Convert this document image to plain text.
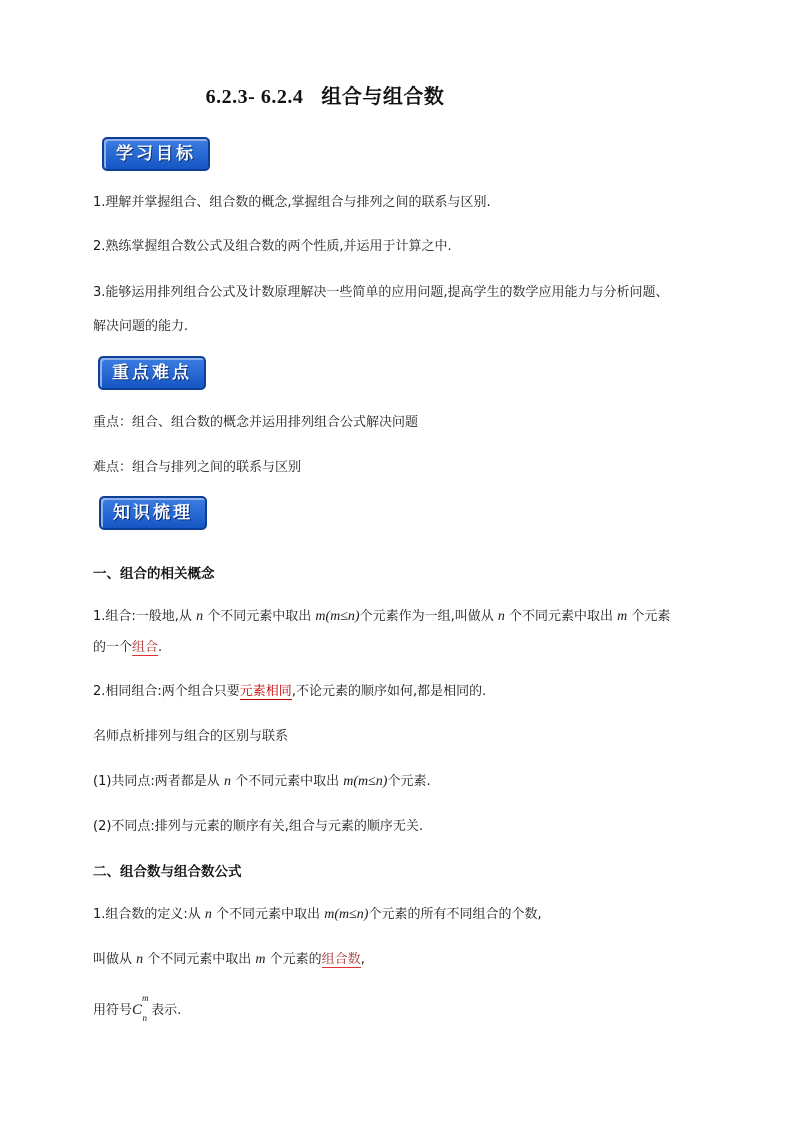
6.2.3- 6.2.4 组合与组合数
学习目标
1.理解并掌握组合、组合数的概念,掌握组合与排列之间的联系与区别.
2.熟练掌握组合数公式及组合数的两个性质,并运用于计算之中.
3.能够运用排列组合公式及计数原理解决一些简单的应用问题,提高学生的数学应用能力与分析问题、
解决问题的能力.
重点难点
重点：组合、组合数的概念并运用排列组合公式解决问题
难点：组合与排列之间的联系与区别
知识梳理
一、组合的相关概念
1.组合:一般地,从 n 个不同元素中取出 m(m≤n)个元素作为一组,叫做从 n 个不同元素中取出 m 个元素
的一个组合.
2.相同组合:两个组合只要元素相同,不论元素的顺序如何,都是相同的.
名师点析排列与组合的区别与联系
(1)共同点:两者都是从 n 个不同元素中取出 m(m≤n)个元素.
(2)不同点:排列与元素的顺序有关,组合与元素的顺序无关.
二、组合数与组合数公式
1.组合数的定义:从 n 个不同元素中取出 m(m≤n)个元素的所有不同组合的个数,
叫做从 n 个不同元素中取出 m 个元素的组合数,
用符号$C^m_n$ 表示.
